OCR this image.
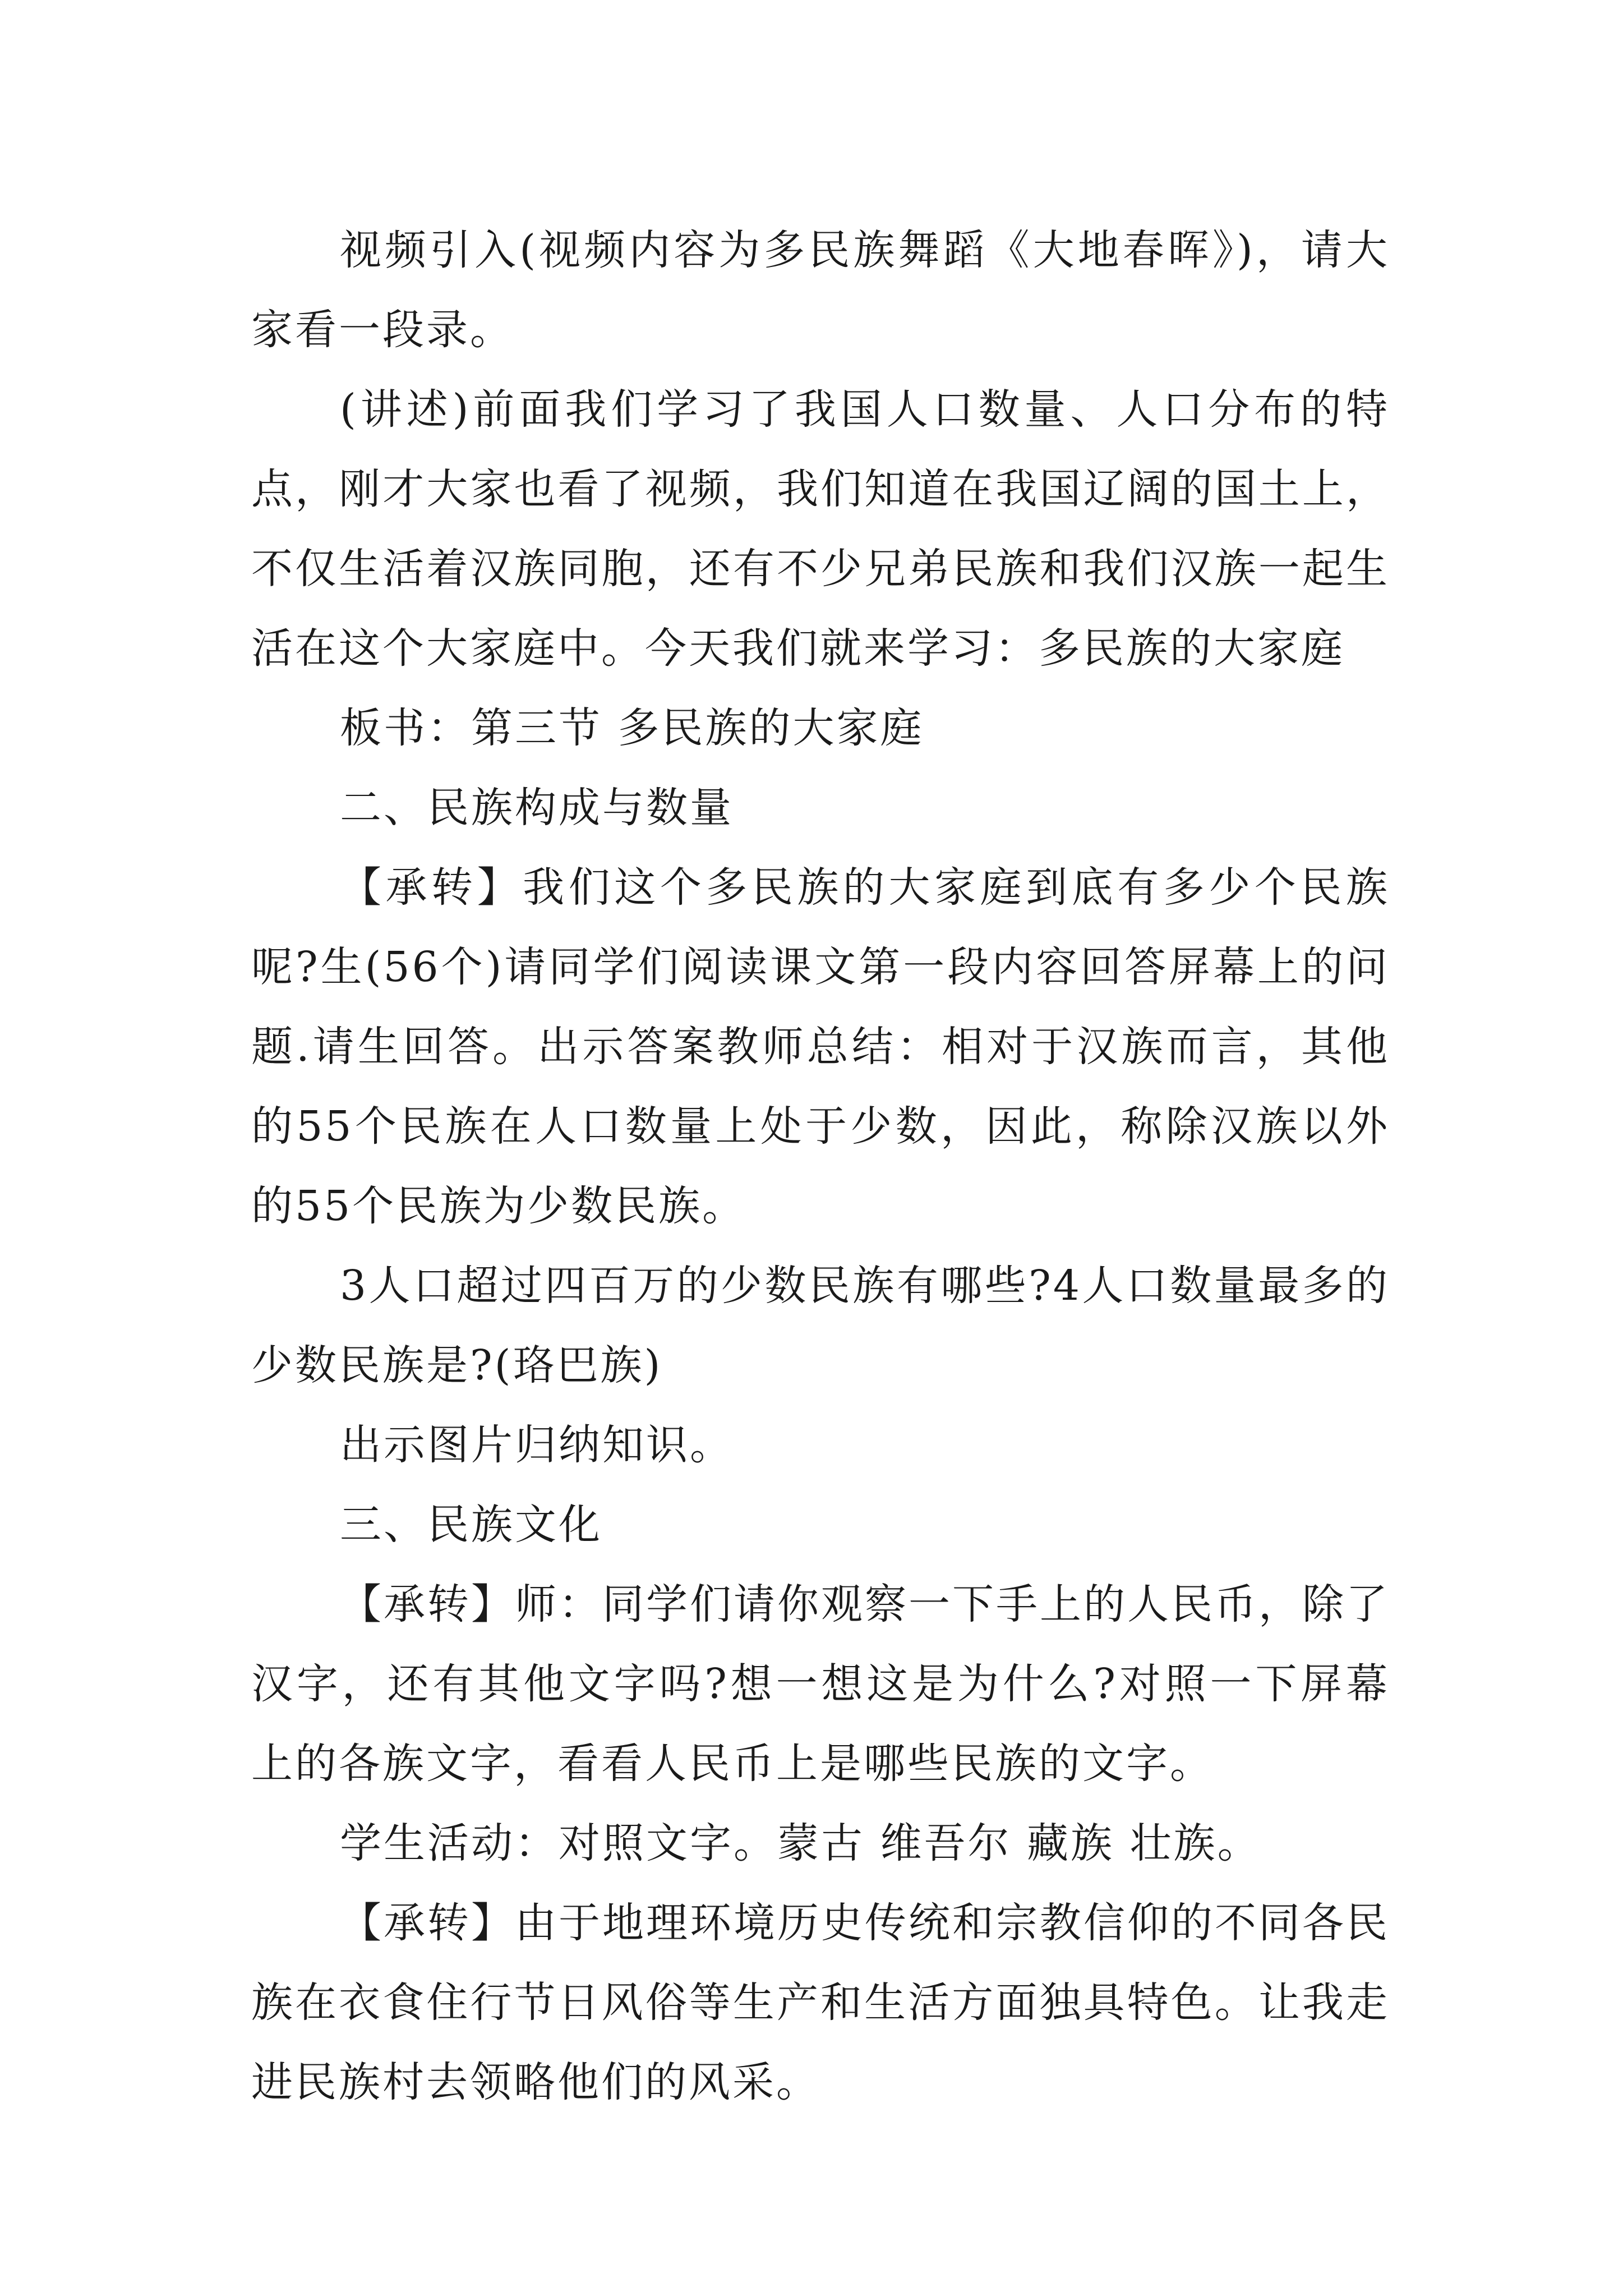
视频引入(视频内容为多民族舞蹈《大地春晖》)，请大家看一段录。

(讲述)前面我们学习了我国人口数量、人口分布的特点，刚才大家也看了视频，我们知道在我国辽阔的国土上，不仅生活着汉族同胞，还有不少兄弟民族和我们汉族一起生活在这个大家庭中。今天我们就来学习：多民族的大家庭

板书：第三节 多民族的大家庭

二、民族构成与数量

【承转】我们这个多民族的大家庭到底有多少个民族呢?生(56个)请同学们阅读课文第一段内容回答屏幕上的问题.请生回答。出示答案教师总结：相对于汉族而言，其他的55个民族在人口数量上处于少数，因此，称除汉族以外的55个民族为少数民族。

3人口超过四百万的少数民族有哪些?4人口数量最多的少数民族是?(珞巴族)

出示图片归纳知识。

三、民族文化

【承转】师：同学们请你观察一下手上的人民币，除了汉字，还有其他文字吗?想一想这是为什么?对照一下屏幕上的各族文字，看看人民币上是哪些民族的文字。

学生活动：对照文字。蒙古 维吾尔 藏族 壮族。

【承转】由于地理环境历史传统和宗教信仰的不同各民族在衣食住行节日风俗等生产和生活方面独具特色。让我走进民族村去领略他们的风采。
